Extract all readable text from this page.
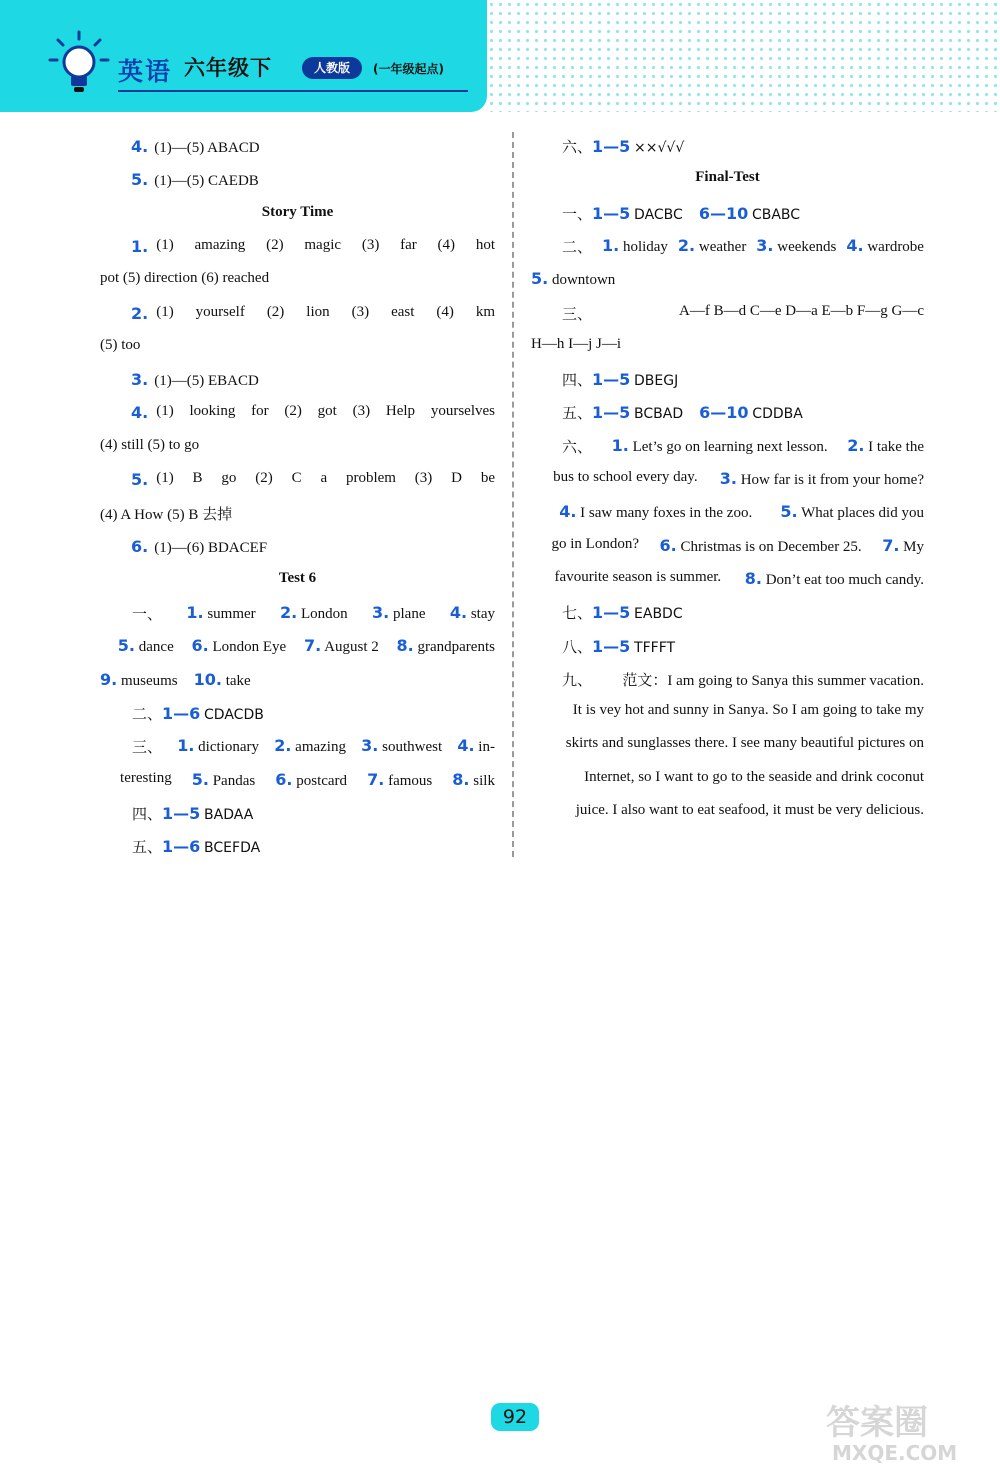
英语 六年级下	人教版	(一年级起点)
4. (1)—(5) ABACD
5. (1)—(5) CAEDB
Story Time
1. (1) amazing (2) magic (3) far (4) hot
pot (5) direction (6) reached
2. (1) yourself (2) lion (3) east (4) km
(5) too
3. (1)—(5) EBACD
4. (1) looking for (2) got (3) Help yourselves
(4) still (5) to go
5. (1) B go (2) C a problem (3) D be
(4) A How (5) B 去掉
6. (1)—(6) BDACEF
Test 6
一、 1. summer 2. London 3. plane 4. stay
5. dance 6. London Eye 7. August 2 8. grandparents
9. museums 10. take
二、1—6 CDACDB
三、 1. dictionary 2. amazing 3. southwest 4. in-
teresting 5. Pandas 6. postcard 7. famous 8. silk
四、1—5 BADAA
五、1—6 BCEFDA
六、1—5 ××√√√
Final-Test
一、1—5 DACBC 6—10 CBABC
二、 1. holiday 2. weather 3. weekends 4. wardrobe
5. downtown
三、	A—f B—d C—e D—a E—b F—g G—c
H—h I—j J—i
四、1—5 DBEGJ
五、1—5 BCBAD 6—10 CDDBA
六、 1. Let’s go on learning next lesson. 2. I take the
bus to school every day. 3. How far is it from your home?
4. I saw many foxes in the zoo. 5. What places did you
go in London? 6. Christmas is on December 25. 7. My
favourite season is summer. 8. Don’t eat too much candy.
七、1—5 EABDC
八、1—5 TFFFT
九、 范文：I am going to Sanya this summer vacation.
It is vey hot and sunny in Sanya. So I am going to take my
skirts and sunglasses there. I see many beautiful pictures on
Internet, so I want to go to the seaside and drink coconut
juice. I also want to eat seafood, it must be very delicious.
92	答案圈
MXQE.COM
